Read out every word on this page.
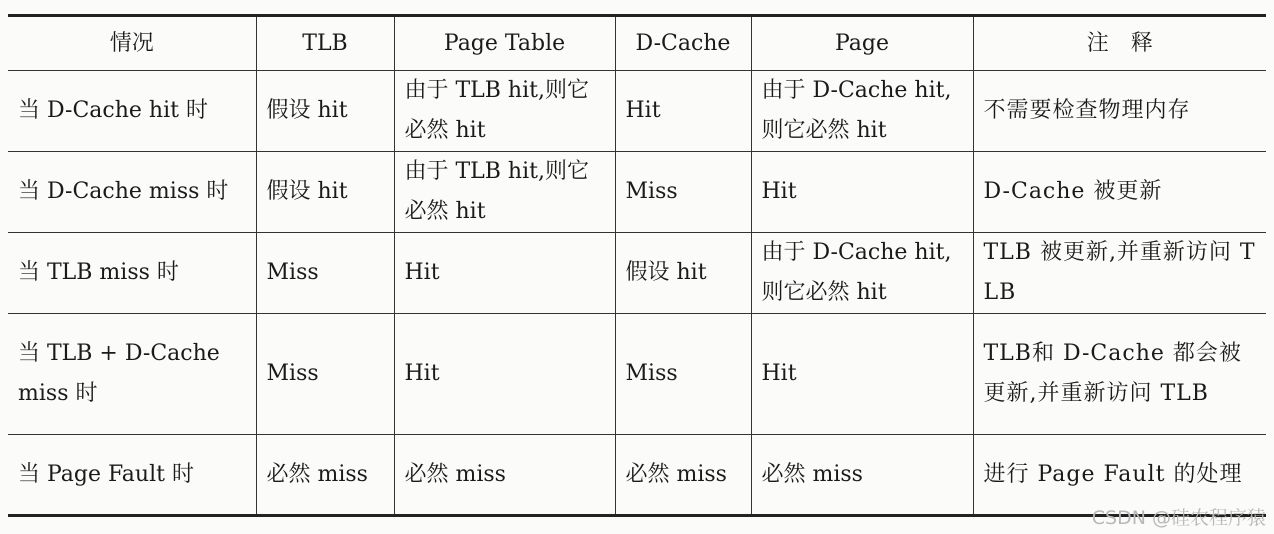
情况	TLB	Page Table	D-Cache	Page	注　释
当 D-Cache hit 时	假设 hit	由于 TLB hit,则它必然 hit	Hit	由于 D-Cache hit,则它必然 hit	不需要检查物理内存
当 D-Cache miss 时	假设 hit	由于 TLB hit,则它必然 hit	Miss	Hit	D-Cache 被更新
当 TLB miss 时	Miss	Hit	假设 hit	由于 D-Cache hit,则它必然 hit	TLB 被更新,并重新访问 TLB
当 TLB + D-Cache miss 时	Miss	Hit	Miss	Hit	TLB和 D-Cache 都会被更新,并重新访问 TLB
当 Page Fault 时	必然 miss	必然 miss	必然 miss	必然 miss	进行 Page Fault 的处理
CSDN @硅农程序猿
